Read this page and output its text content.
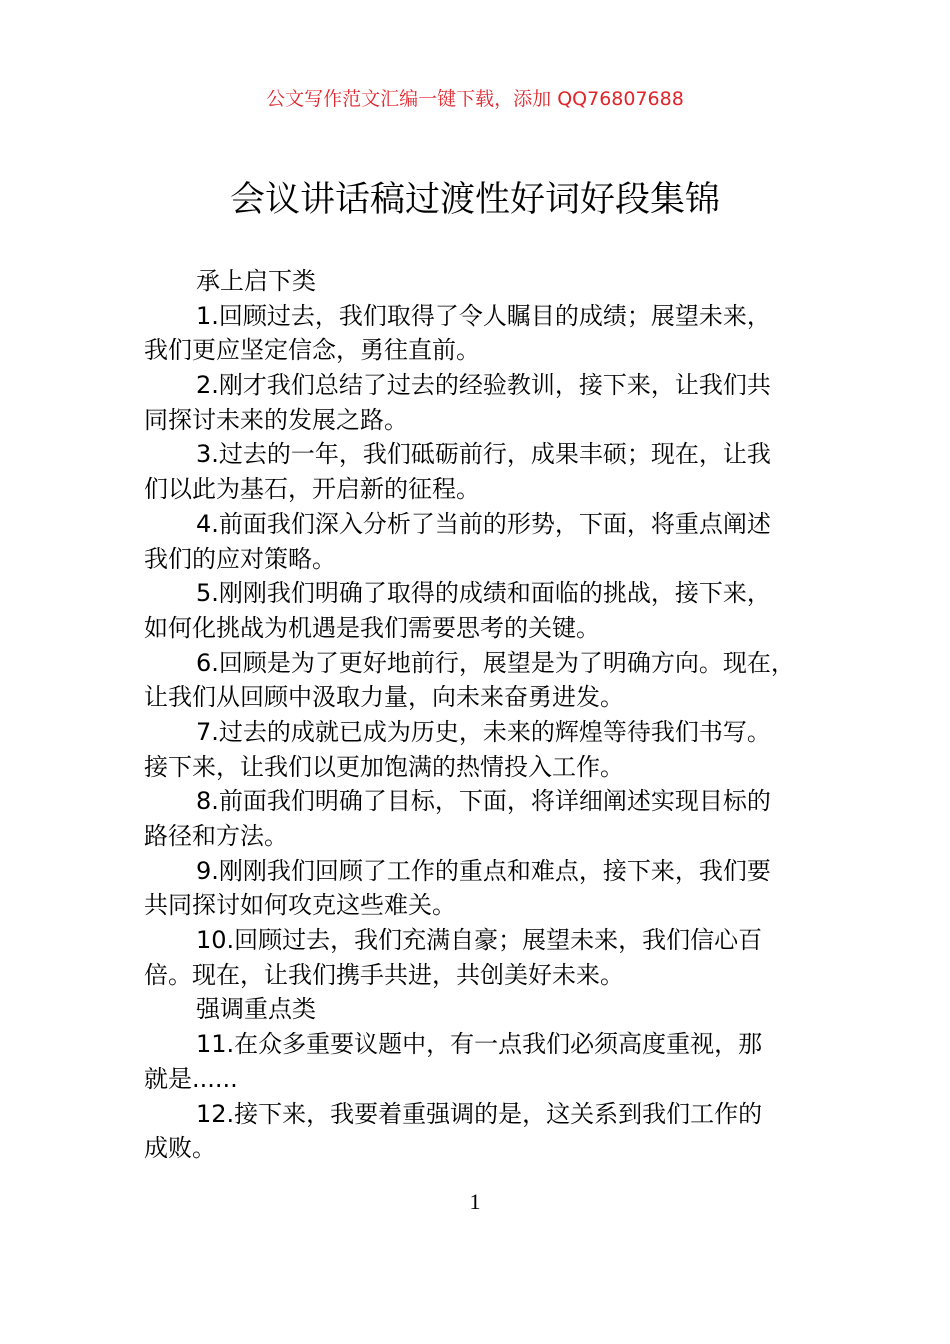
公文写作范文汇编一键下载，添加 QQ76807688
会议讲话稿过渡性好词好段集锦
承上启下类
1.回顾过去，我们取得了令人瞩目的成绩；展望未来，
我们更应坚定信念，勇往直前。
2.刚才我们总结了过去的经验教训，接下来，让我们共
同探讨未来的发展之路。
3.过去的一年，我们砥砺前行，成果丰硕；现在，让我
们以此为基石，开启新的征程。
4.前面我们深入分析了当前的形势，下面，将重点阐述
我们的应对策略。
5.刚刚我们明确了取得的成绩和面临的挑战，接下来，
如何化挑战为机遇是我们需要思考的关键。
6.回顾是为了更好地前行，展望是为了明确方向。现在，
让我们从回顾中汲取力量，向未来奋勇进发。
7.过去的成就已成为历史，未来的辉煌等待我们书写。
接下来，让我们以更加饱满的热情投入工作。
8.前面我们明确了目标，下面，将详细阐述实现目标的
路径和方法。
9.刚刚我们回顾了工作的重点和难点，接下来，我们要
共同探讨如何攻克这些难关。
10.回顾过去，我们充满自豪；展望未来，我们信心百
倍。现在，让我们携手共进，共创美好未来。
强调重点类
11.在众多重要议题中，有一点我们必须高度重视，那
就是......
12.接下来，我要着重强调的是，这关系到我们工作的
成败。
1
